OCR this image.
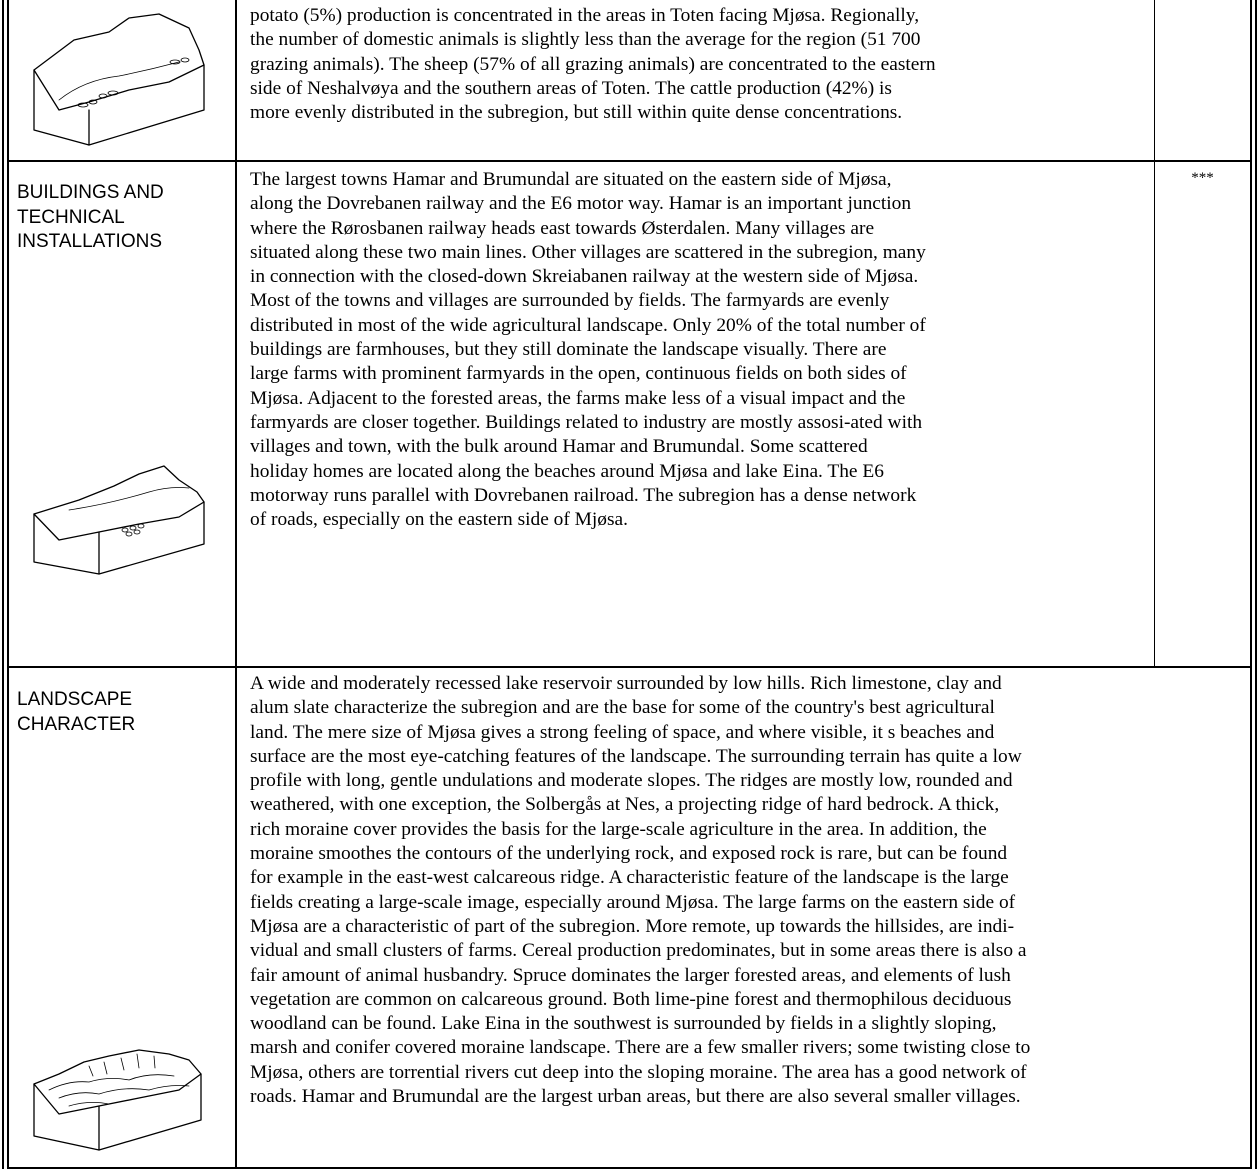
potato (5%) production is concentrated in the areas in Toten facing Mjøsa. Regionally,
the number of domestic animals is slightly less than the average for the region (51 700
grazing animals). The sheep (57% of all grazing animals) are concentrated to the eastern
side of Neshalvøya and the southern areas of Toten. The cattle production (42%) is
more evenly distributed in the subregion, but still within quite dense concentrations.
BUILDINGS AND
TECHNICAL
INSTALLATIONS
The largest towns Hamar and Brumundal are situated on the eastern side of Mjøsa,
along the Dovrebanen railway and the E6 motor way. Hamar is an important junction
where the Rørosbanen railway heads east towards Østerdalen. Many villages are
situated along these two main lines. Other villages are scattered in the subregion, many
in connection with the closed-down Skreiabanen railway at the western side of Mjøsa.
Most of the towns and villages are surrounded by fields. The farmyards are evenly
distributed in most of the wide agricultural landscape. Only 20% of the total number of
buildings are farmhouses, but they still dominate the landscape visually. There are
large farms with prominent farmyards in the open, continuous fields on both sides of
Mjøsa. Adjacent to the forested areas, the farms make less of a visual impact and the
farmyards are closer together. Buildings related to industry are mostly assosi-ated with
villages and town, with the bulk around Hamar and Brumundal. Some scattered
holiday homes are located along the beaches around Mjøsa and lake Eina. The E6
motorway runs parallel with Dovrebanen railroad. The subregion has a dense network
of roads, especially on the eastern side of Mjøsa.
***
LANDSCAPE
CHARACTER
A wide and moderately recessed lake reservoir surrounded by low hills. Rich limestone, clay and
alum slate characterize the subregion and are the base for some of the country's best agricultural
land. The mere size of Mjøsa gives a strong feeling of space, and where visible, it s beaches and
surface are the most eye-catching features of the landscape. The surrounding terrain has quite a low
profile with long, gentle undulations and moderate slopes. The ridges are mostly low, rounded and
weathered, with one exception, the Solbergås at Nes, a projecting ridge of hard bedrock. A thick,
rich moraine cover provides the basis for the large-scale agriculture in the area. In addition, the
moraine smoothes the contours of the underlying rock, and exposed rock is rare, but can be found
for example in the east-west calcareous ridge. A characteristic feature of the landscape is the large
fields creating a large-scale image, especially around Mjøsa. The large farms on the eastern side of
Mjøsa are a characteristic of part of the subregion. More remote, up towards the hillsides, are indi-
vidual and small clusters of farms. Cereal production predominates, but in some areas there is also a
fair amount of animal husbandry. Spruce dominates the larger forested areas, and elements of lush
vegetation are common on calcareous ground. Both lime-pine forest and thermophilous deciduous
woodland can be found. Lake Eina in the southwest is surrounded by fields in a slightly sloping,
marsh and conifer covered moraine landscape. There are a few smaller rivers; some twisting close to
Mjøsa, others are torrential rivers cut deep into the sloping moraine. The area has a good network of
roads. Hamar and Brumundal are the largest urban areas, but there are also several smaller villages.
